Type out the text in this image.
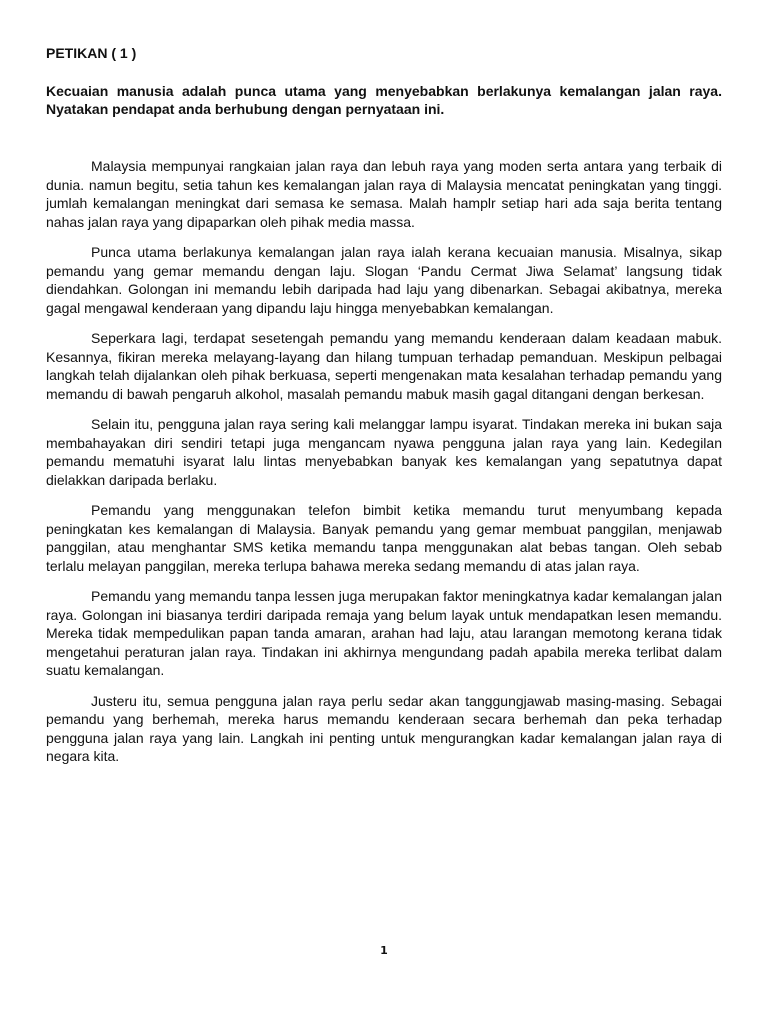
PETIKAN ( 1 )
Kecuaian manusia adalah punca utama yang menyebabkan berlakunya kemalangan jalan raya. Nyatakan pendapat anda berhubung dengan pernyataan ini.

Malaysia mempunyai rangkaian jalan raya dan lebuh raya yang moden serta antara yang terbaik di dunia. namun begitu, setia tahun kes kemalangan jalan raya di Malaysia mencatat peningkatan yang tinggi. jumlah kemalangan meningkat dari semasa ke semasa. Malah hamplr setiap hari ada saja berita tentang nahas jalan raya yang dipaparkan oleh pihak media massa.

Punca utama berlakunya kemalangan jalan raya ialah kerana kecuaian manusia. Misalnya, sikap pemandu yang gemar memandu dengan laju. Slogan ‘Pandu Cermat Jiwa Selamat’ langsung tidak diendahkan. Golongan ini memandu lebih daripada had laju yang dibenarkan. Sebagai akibatnya, mereka gagal mengawal kenderaan yang dipandu laju hingga menyebabkan kemalangan.

Seperkara lagi, terdapat sesetengah pemandu yang memandu kenderaan dalam keadaan mabuk. Kesannya, fikiran mereka melayang-layang dan hilang tumpuan terhadap pemanduan. Meskipun pelbagai langkah telah dijalankan oleh pihak berkuasa, seperti mengenakan mata kesalahan terhadap pemandu yang memandu di bawah pengaruh alkohol, masalah pemandu mabuk masih gagal ditangani dengan berkesan.

Selain itu, pengguna jalan raya sering kali melanggar lampu isyarat. Tindakan mereka ini bukan saja membahayakan diri sendiri tetapi juga mengancam nyawa pengguna jalan raya yang lain. Kedegilan pemandu mematuhi isyarat lalu lintas menyebabkan banyak kes kemalangan yang sepatutnya dapat dielakkan daripada berlaku.

Pemandu yang menggunakan telefon bimbit ketika memandu turut menyumbang kepada peningkatan kes kemalangan di Malaysia. Banyak pemandu yang gemar membuat panggilan, menjawab panggilan, atau menghantar SMS ketika memandu tanpa menggunakan alat bebas tangan. Oleh sebab terlalu melayan panggilan, mereka terlupa bahawa mereka sedang memandu di atas jalan raya.

Pemandu yang memandu tanpa lessen juga merupakan faktor meningkatnya kadar kemalangan jalan raya. Golongan ini biasanya terdiri daripada remaja yang belum layak untuk mendapatkan lesen memandu. Mereka tidak mempedulikan papan tanda amaran, arahan had laju, atau larangan memotong kerana tidak mengetahui peraturan jalan raya. Tindakan ini akhirnya mengundang padah apabila mereka terlibat dalam suatu kemalangan.

Justeru itu, semua pengguna jalan raya perlu sedar akan tanggungjawab masing-masing. Sebagai pemandu yang berhemah, mereka harus memandu kenderaan secara berhemah dan peka terhadap pengguna jalan raya yang lain. Langkah ini penting untuk mengurangkan kadar kemalangan jalan raya di negara kita.

1
